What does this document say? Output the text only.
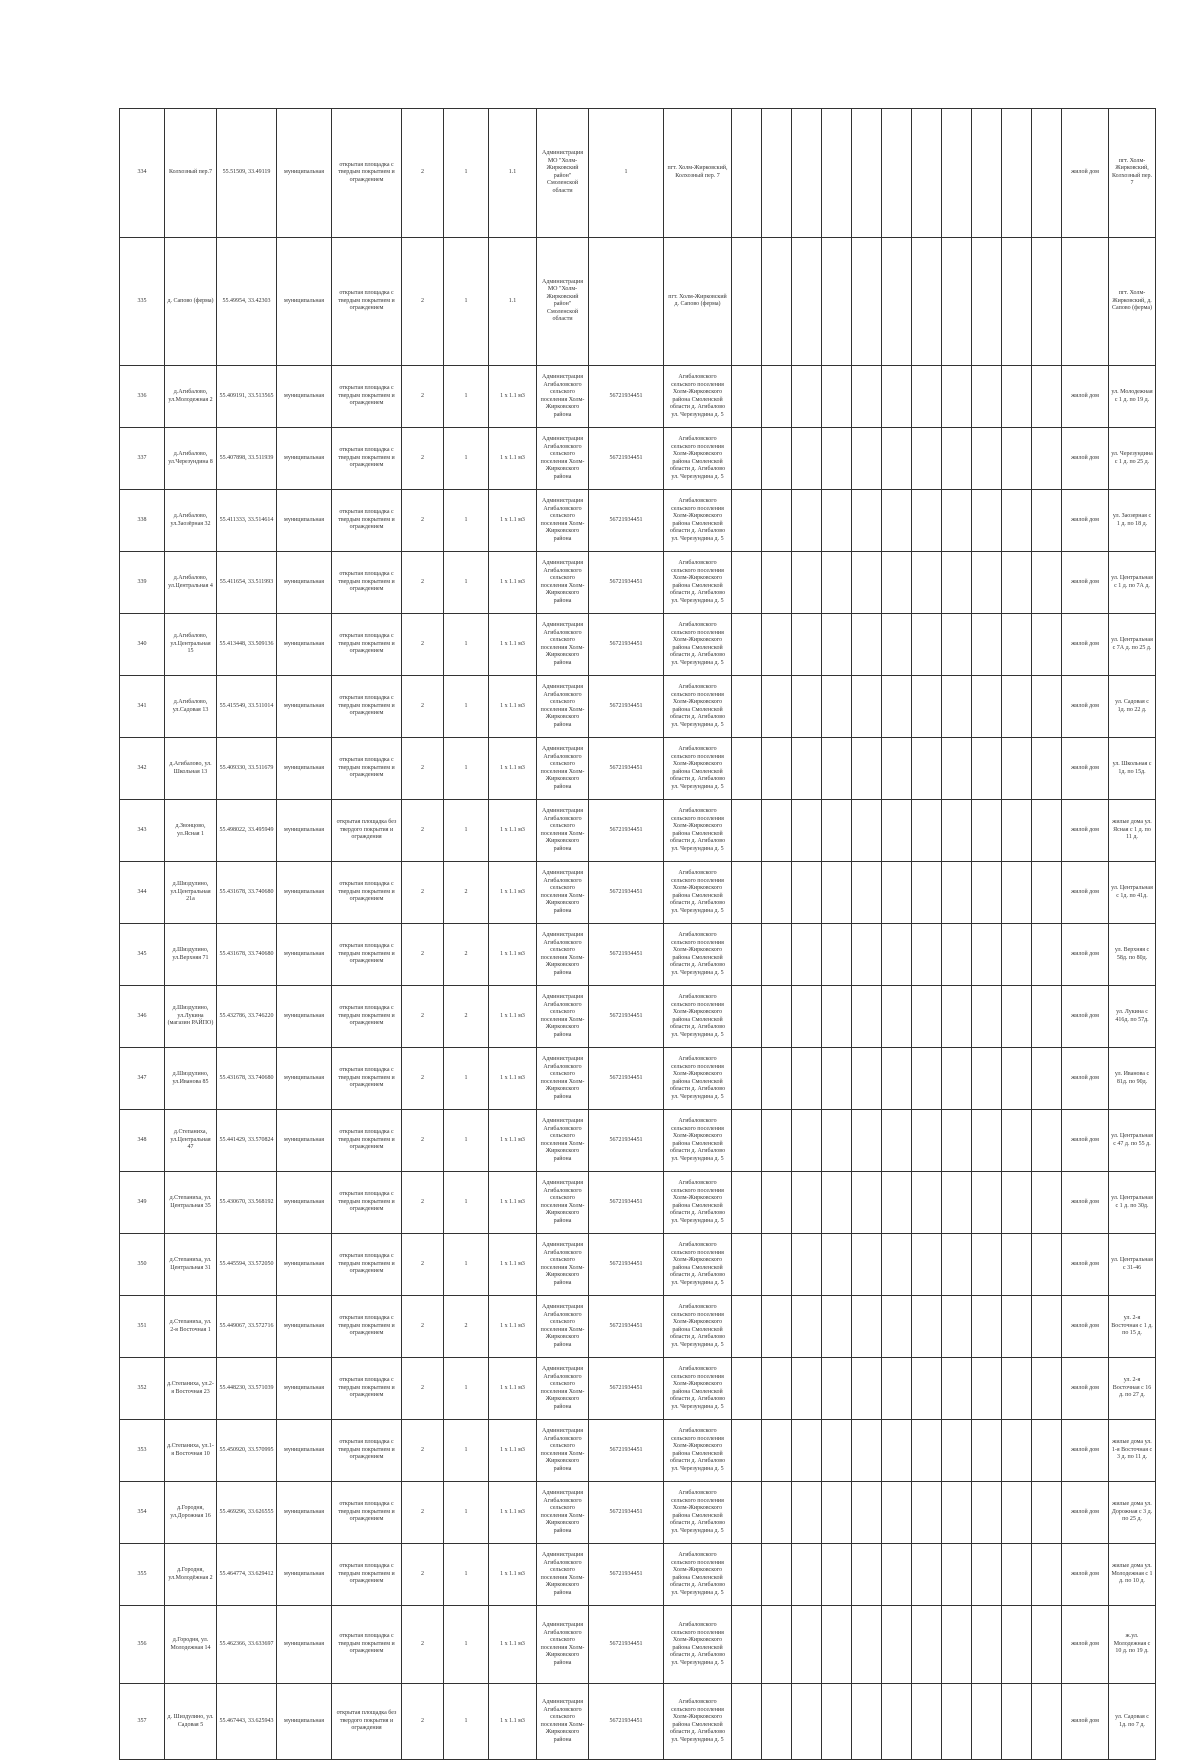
334	Колхозный пер.7	55.51509, 33.49119	муниципальная	открытая площадка с твердым покрытием и ограждением	2	1	1.1	Администрация МО "Холм-Жирковский район" Смоленской области	1	пгт. Холм-Жирковский, Колхозный пер. 7												жилой дом	пгт. Холм-Жирковский, Колхозный пер. 7	
335	д. Сапово (ферма)	55.49954, 33.42303	муниципальная	открытая площадка с твердым покрытием и ограждением	2	1	1.1	Администрация МО "Холм-Жирковский район" Смоленской области		пгт. Холм-Жирковский д. Сапово (ферма)													пгт. Холм-Жирковский, д. Сапово (ферма)	
336	д.Агибалово, ул.Молодежная 2	55.409191, 33.513565	муниципальная	открытая площадка с твердым покрытием и ограждением	2	1	1 х 1.1 м3	Администрация Агибаловского сельского поселения Холм-Жирковского района	56721934451	Агибаловского сельского поселения Холм-Жирковского района Смоленской области д. Агибалово ул. Черезундина д. 5												жилой дом	ул. Молодежная с 1 д. по 19 д.	
337	д.Агибалово, ул.Черезундина 8	55.407898, 33.511939	муниципальная	открытая площадка с твердым покрытием и ограждением	2	1	1 х 1.1 м3	Администрация Агибаловского сельского поселения Холм-Жирковского района	56721934451	Агибаловского сельского поселения Холм-Жирковского района Смоленской области д. Агибалово ул. Черезундина д. 5												жилой дом	ул. Черезундина с 1 д. по 25 д.	
338	д.Агибалово, ул.Заозёрная 32	55.411333, 33.514614	муниципальная	открытая площадка с твердым покрытием и ограждением	2	1	1 х 1.1 м3	Администрация Агибаловского сельского поселения Холм-Жирковского района	56721934451	Агибаловского сельского поселения Холм-Жирковского района Смоленской области д. Агибалово ул. Черезундина д. 5												жилой дом	ул. Заозерная с 1 д. по 18 д.	
339	д.Агибалово, ул.Центральная 4	55.411654, 33.511993	муниципальная	открытая площадка с твердым покрытием и ограждением	2	1	1 х 1.1 м3	Администрация Агибаловского сельского поселения Холм-Жирковского района	56721934451	Агибаловского сельского поселения Холм-Жирковского района Смоленской области д. Агибалово ул. Черезундина д. 5												жилой дом	ул. Центральная с 1 д. по 7А д.	
340	д.Агибалово, ул.Центральная 15	55.413448, 33.509136	муниципальная	открытая площадка с твердым покрытием и ограждением	2	1	1 х 1.1 м3	Администрация Агибаловского сельского поселения Холм-Жирковского района	56721934451	Агибаловского сельского поселения Холм-Жирковского района Смоленской области д. Агибалово ул. Черезундина д. 5												жилой дом	ул. Центральная с 7А д. по 25 д.	
341	д.Агибалово, ул.Садовая 13	55.415549, 33.511014	муниципальная	открытая площадка с твердым покрытием и ограждением	2	1	1 х 1.1 м3	Администрация Агибаловского сельского поселения Холм-Жирковского района	56721934451	Агибаловского сельского поселения Холм-Жирковского района Смоленской области д. Агибалово ул. Черезундина д. 5												жилой дом	ул. Садовая с 1д. по 22 д.	
342	д.Агибалово, ул. Школьная 13	55.409330, 33.511679	муниципальная	открытая площадка с твердым покрытием и ограждением	2	1	1 х 1.1 м3	Администрация Агибаловского сельского поселения Холм-Жирковского района	56721934451	Агибаловского сельского поселения Холм-Жирковского района Смоленской области д. Агибалово ул. Черезундина д. 5												жилой дом	ул. Школьная с 1д. по 15д.	
343	д.Звонцово, ул.Ясная 1	55.498022, 33.495949	муниципальная	открытая площадка без твердого покрытия и ограждения	2	1	1 х 1.1 м3	Администрация Агибаловского сельского поселения Холм-Жирковского района	56721934451	Агибаловского сельского поселения Холм-Жирковского района Смоленской области д. Агибалово ул. Черезундина д. 5												жилой дом	жилые дома ул. Ясная с 1 д. по 11 д.	
344	д.Шиздулино, ул.Центральная 21а	55.431678, 33.740680	муниципальная	открытая площадка с твердым покрытием и ограждением	2	2	1 х 1.1 м3	Администрация Агибаловского сельского поселения Холм-Жирковского района	56721934451	Агибаловского сельского поселения Холм-Жирковского района Смоленской области д. Агибалово ул. Черезундина д. 5												жилой дом	ул. Центральная с 1д. по 41д.	
345	д.Шиздулино, ул.Верхняя 71	55.431678, 33.740680	муниципальная	открытая площадка с твердым покрытием и ограждением	2	2	1 х 1.1 м3	Администрация Агибаловского сельского поселения Холм-Жирковского района	56721934451	Агибаловского сельского поселения Холм-Жирковского района Смоленской области д. Агибалово ул. Черезундина д. 5												жилой дом	ул. Верхняя с 58д. по 80д.	
346	д.Шиздулино, ул.Лукина (магазин РАЙПО)	55.432786, 33.746220	муниципальная	открытая площадка с твердым покрытием и ограждением	2	2	1 х 1.1 м3	Администрация Агибаловского сельского поселения Холм-Жирковского района	56721934451	Агибаловского сельского поселения Холм-Жирковского района Смоленской области д. Агибалово ул. Черезундина д. 5												жилой дом	ул. Лукина с 416д. по 57д.	
347	д.Шиздулино, ул.Иванова 85	55.431678, 33.740680	муниципальная	открытая площадка с твердым покрытием и ограждением	2	1	1 х 1.1 м3	Администрация Агибаловского сельского поселения Холм-Жирковского района	56721934451	Агибаловского сельского поселения Холм-Жирковского района Смоленской области д. Агибалово ул. Черезундина д. 5												жилой дом	ул. Иванова с 81д. по 90д.	
348	д.Степаниха, ул.Центральная 47	55.441429, 33.570824	муниципальная	открытая площадка с твердым покрытием и ограждением	2	1	1 х 1.1 м3	Администрация Агибаловского сельского поселения Холм-Жирковского района	56721934451	Агибаловского сельского поселения Холм-Жирковского района Смоленской области д. Агибалово ул. Черезундина д. 5												жилой дом	ул. Центральная с 47 д. по 55 д.	
349	д.Степаниха, ул. Центральная 35	55.430670, 33.568192	муниципальная	открытая площадка с твердым покрытием и ограждением	2	1	1 х 1.1 м3	Администрация Агибаловского сельского поселения Холм-Жирковского района	56721934451	Агибаловского сельского поселения Холм-Жирковского района Смоленской области д. Агибалово ул. Черезундина д. 5												жилой дом	ул. Центральная с 1 д. по 30д.	
350	д.Степаниха, ул. Центральная 31	55.445594, 33.572050	муниципальная	открытая площадка с твердым покрытием и ограждением	2	1	1 х 1.1 м3	Администрация Агибаловского сельского поселения Холм-Жирковского района	56721934451	Агибаловского сельского поселения Холм-Жирковского района Смоленской области д. Агибалово ул. Черезундина д. 5												жилой дом	ул. Центральная с 31-46	
351	д.Степаниха, ул. 2-я Восточная 1	55.449067, 33.572716	муниципальная	открытая площадка с твердым покрытием и ограждением	2	2	1 х 1.1 м3	Администрация Агибаловского сельского поселения Холм-Жирковского района	56721934451	Агибаловского сельского поселения Холм-Жирковского района Смоленской области д. Агибалово ул. Черезундина д. 5												жилой дом	ул. 2-я Восточная с 1 д. по 15 д.	
352	д.Степаниха, ул.2-я Восточная 23	55.448230, 33.571039	муниципальная	открытая площадка с твердым покрытием и ограждением	2	1	1 х 1.1 м3	Администрация Агибаловского сельского поселения Холм-Жирковского района	56721934451	Агибаловского сельского поселения Холм-Жирковского района Смоленской области д. Агибалово ул. Черезундина д. 5												жилой дом	ул. 2-я Восточная с 16 д. по 27 д.	
353	д.Степаниха, ул.1-я Восточная 10	55.450920, 33.570995	муниципальная	открытая площадка с твердым покрытием и ограждением	2	1	1 х 1.1 м3	Администрация Агибаловского сельского поселения Холм-Жирковского района	56721934451	Агибаловского сельского поселения Холм-Жирковского района Смоленской области д. Агибалово ул. Черезундина д. 5												жилой дом	жилые дома ул. 1-я Восточная с 3 д. по 11 д.	
354	д.Городня, ул.Дорожная 16	55.469296, 33.626555	муниципальная	открытая площадка с твердым покрытием и ограждением	2	1	1 х 1.1 м3	Администрация Агибаловского сельского поселения Холм-Жирковского района	56721934451	Агибаловского сельского поселения Холм-Жирковского района Смоленской области д. Агибалово ул. Черезундина д. 5												жилой дом	жилые дома ул. Дорожная с 3 д. по 25 д.	
355	д.Городня, ул.Молодёжная 2	55.464774, 33.629412	муниципальная	открытая площадка с твердым покрытием и ограждением	2	1	1 х 1.1 м3	Администрация Агибаловского сельского поселения Холм-Жирковского района	56721934451	Агибаловского сельского поселения Холм-Жирковского района Смоленской области д. Агибалово ул. Черезундина д. 5												жилой дом	жилые дома ул. Молодежная с 1 д. по 10 д.	
356	д.Городня, ул. Молодежная 14	55.462366, 33.633697	муниципальная	открытая площадка с твердым покрытием и ограждением	2	1	1 х 1.1 м3	Администрация Агибаловского сельского поселения Холм-Жирковского района	56721934451	Агибаловского сельского поселения Холм-Жирковского района Смоленской области д. Агибалово ул. Черезундина д. 5												жилой дом	ж.ул. Молодежная с 10 д. по 19 д.	

357	д. Шиздулино, ул. Садовая 5	55.467443, 33.625943	муниципальная	открытая площадка без твердого покрытия и ограждения	2	1	1 х 1.1 м3	Администрация Агибаловского сельского поселения Холм-Жирковского района	56721934451	Агибаловского сельского поселения Холм-Жирковского района Смоленской области д. Агибалово ул. Черезундина д. 5												жилой дом	ул. Садовая с 1д. по 7 д.	
